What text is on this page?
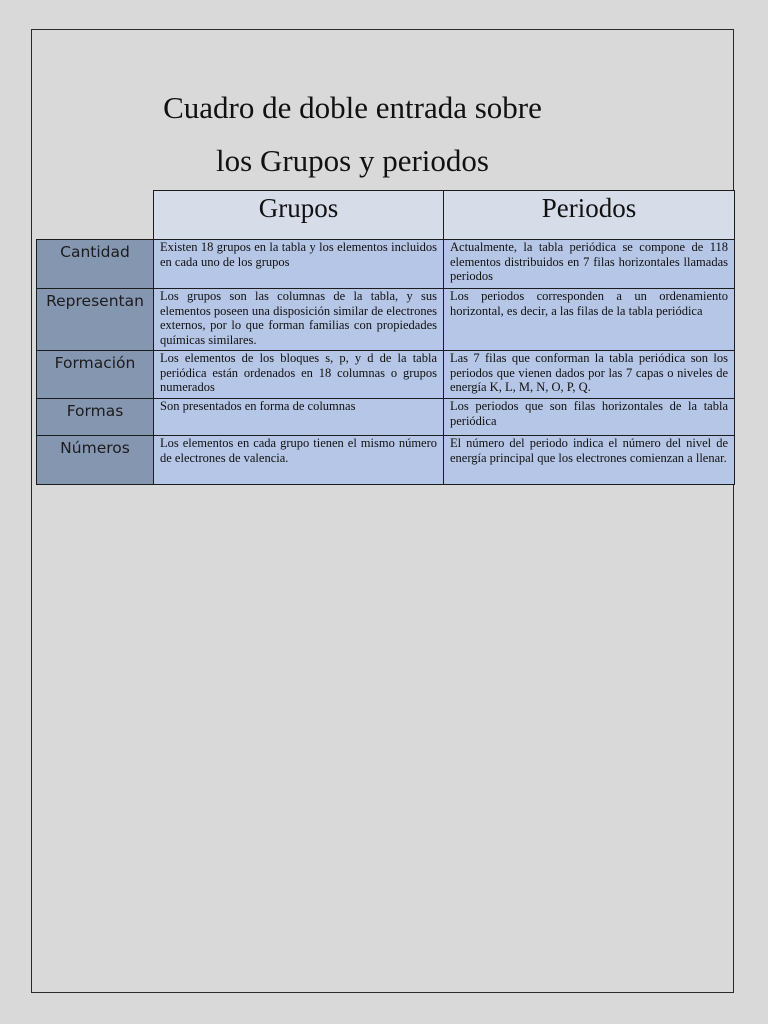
Cuadro de doble entrada sobre
los Grupos y periodos
	Grupos	Periodos
Cantidad	Existen 18 grupos en la tabla y los elementos incluidos en cada uno de los grupos	Actualmente, la tabla periódica se compone de 118 elementos distribuidos en 7 filas horizontales llamadas periodos
Representan	Los grupos son las columnas de la tabla, y sus elementos poseen una disposición similar de electrones externos, por lo que forman familias con propiedades químicas similares.	Los periodos corresponden a un ordenamiento horizontal, es decir, a las filas de la tabla periódica
Formación	Los elementos de los bloques s, p, y d de la tabla periódica están ordenados en 18 columnas o grupos numerados	Las 7 filas que conforman la tabla periódica son los periodos que vienen dados por las 7 capas o niveles de energía K, L, M, N, O, P, Q.
Formas	Son presentados en forma de columnas	Los periodos que son filas horizontales de la tabla periódica
Números	Los elementos en cada grupo tienen el mismo número de electrones de valencia.	El número del periodo indica el número del nivel de energía principal que los electrones comienzan a llenar.
